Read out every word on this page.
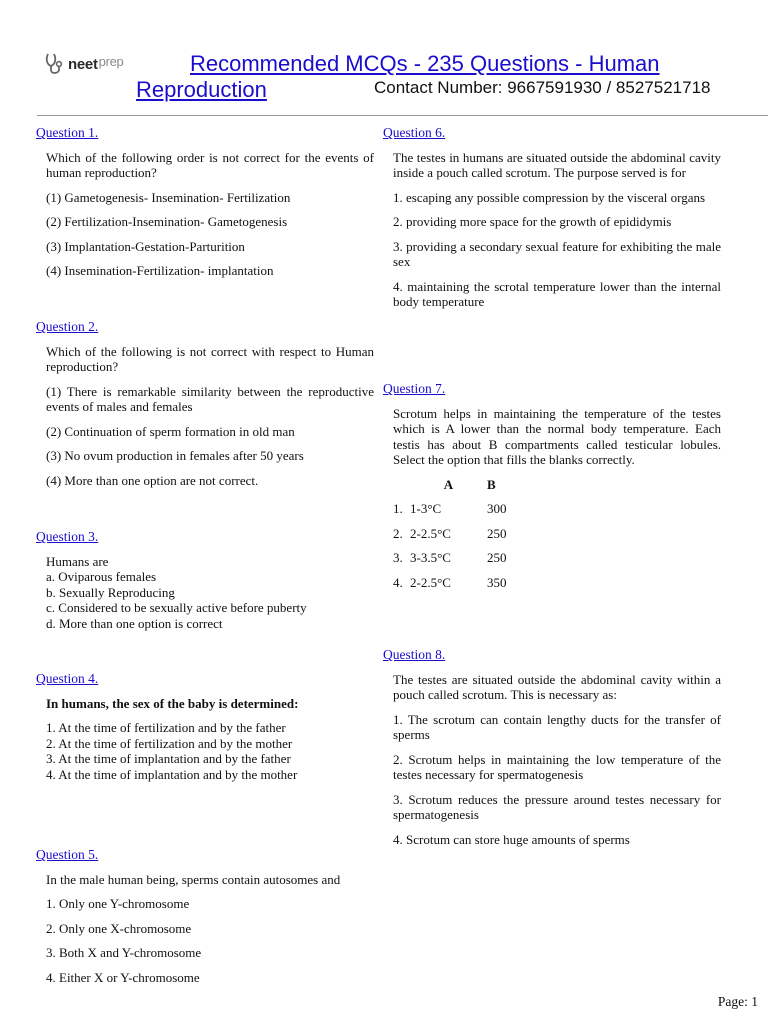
neetprep	Recommended MCQs - 235 Questions - Human
Reproduction	Contact Number: 9667591930 / 8527521718
Question 1.

Which of the following order is not correct for the events of human reproduction?

(1) Gametogenesis- Insemination- Fertilization

(2) Fertilization-Insemination- Gametogenesis

(3) Implantation-Gestation-Parturition

(4) Insemination-Fertilization- implantation

Question 2.

Which of the following is not correct with respect to Human reproduction?

(1) There is remarkable similarity between the reproductive events of males and females

(2) Continuation of sperm formation in old man

(3) No ovum production in females after 50 years

(4) More than one option are not correct.

Question 3.

Humans are

a. Oviparous females

b. Sexually Reproducing

c. Considered to be sexually active before puberty

d. More than one option is correct

Question 4.

In humans, the sex of the baby is determined:

1. At the time of fertilization and by the father

2. At the time of fertilization and by the mother

3. At the time of implantation and by the father

4. At the time of implantation and by the mother

Question 5.

In the male human being, sperms contain autosomes and

1. Only one Y-chromosome

2. Only one X-chromosome

3. Both X and Y-chromosome

4. Either X or Y-chromosome

Question 6.

The testes in humans are situated outside the abdominal cavity inside a pouch called scrotum. The purpose served is for

1. escaping any possible compression by the visceral organs

2. providing more space for the growth of epididymis

3. providing a secondary sexual feature for exhibiting the male sex

4. maintaining the scrotal temperature lower than the internal body temperature

Question 7.

Scrotum helps in maintaining the temperature of the testes which is A lower than the normal body temperature. Each testis has about B compartments called testicular lobules. Select the option that fills the blanks correctly.

	A	B
1.	1-3°C	300
2.	2-2.5°C	250
3.	3-3.5°C	250
4.	2-2.5°C	350
Question 8.

The testes are situated outside the abdominal cavity within a pouch called scrotum. This is necessary as:

1. The scrotum can contain lengthy ducts for the transfer of sperms

2. Scrotum helps in maintaining the low temperature of the testes necessary for spermatogenesis

3. Scrotum reduces the pressure around testes necessary for spermatogenesis

4. Scrotum can store huge amounts of sperms

Page: 1
